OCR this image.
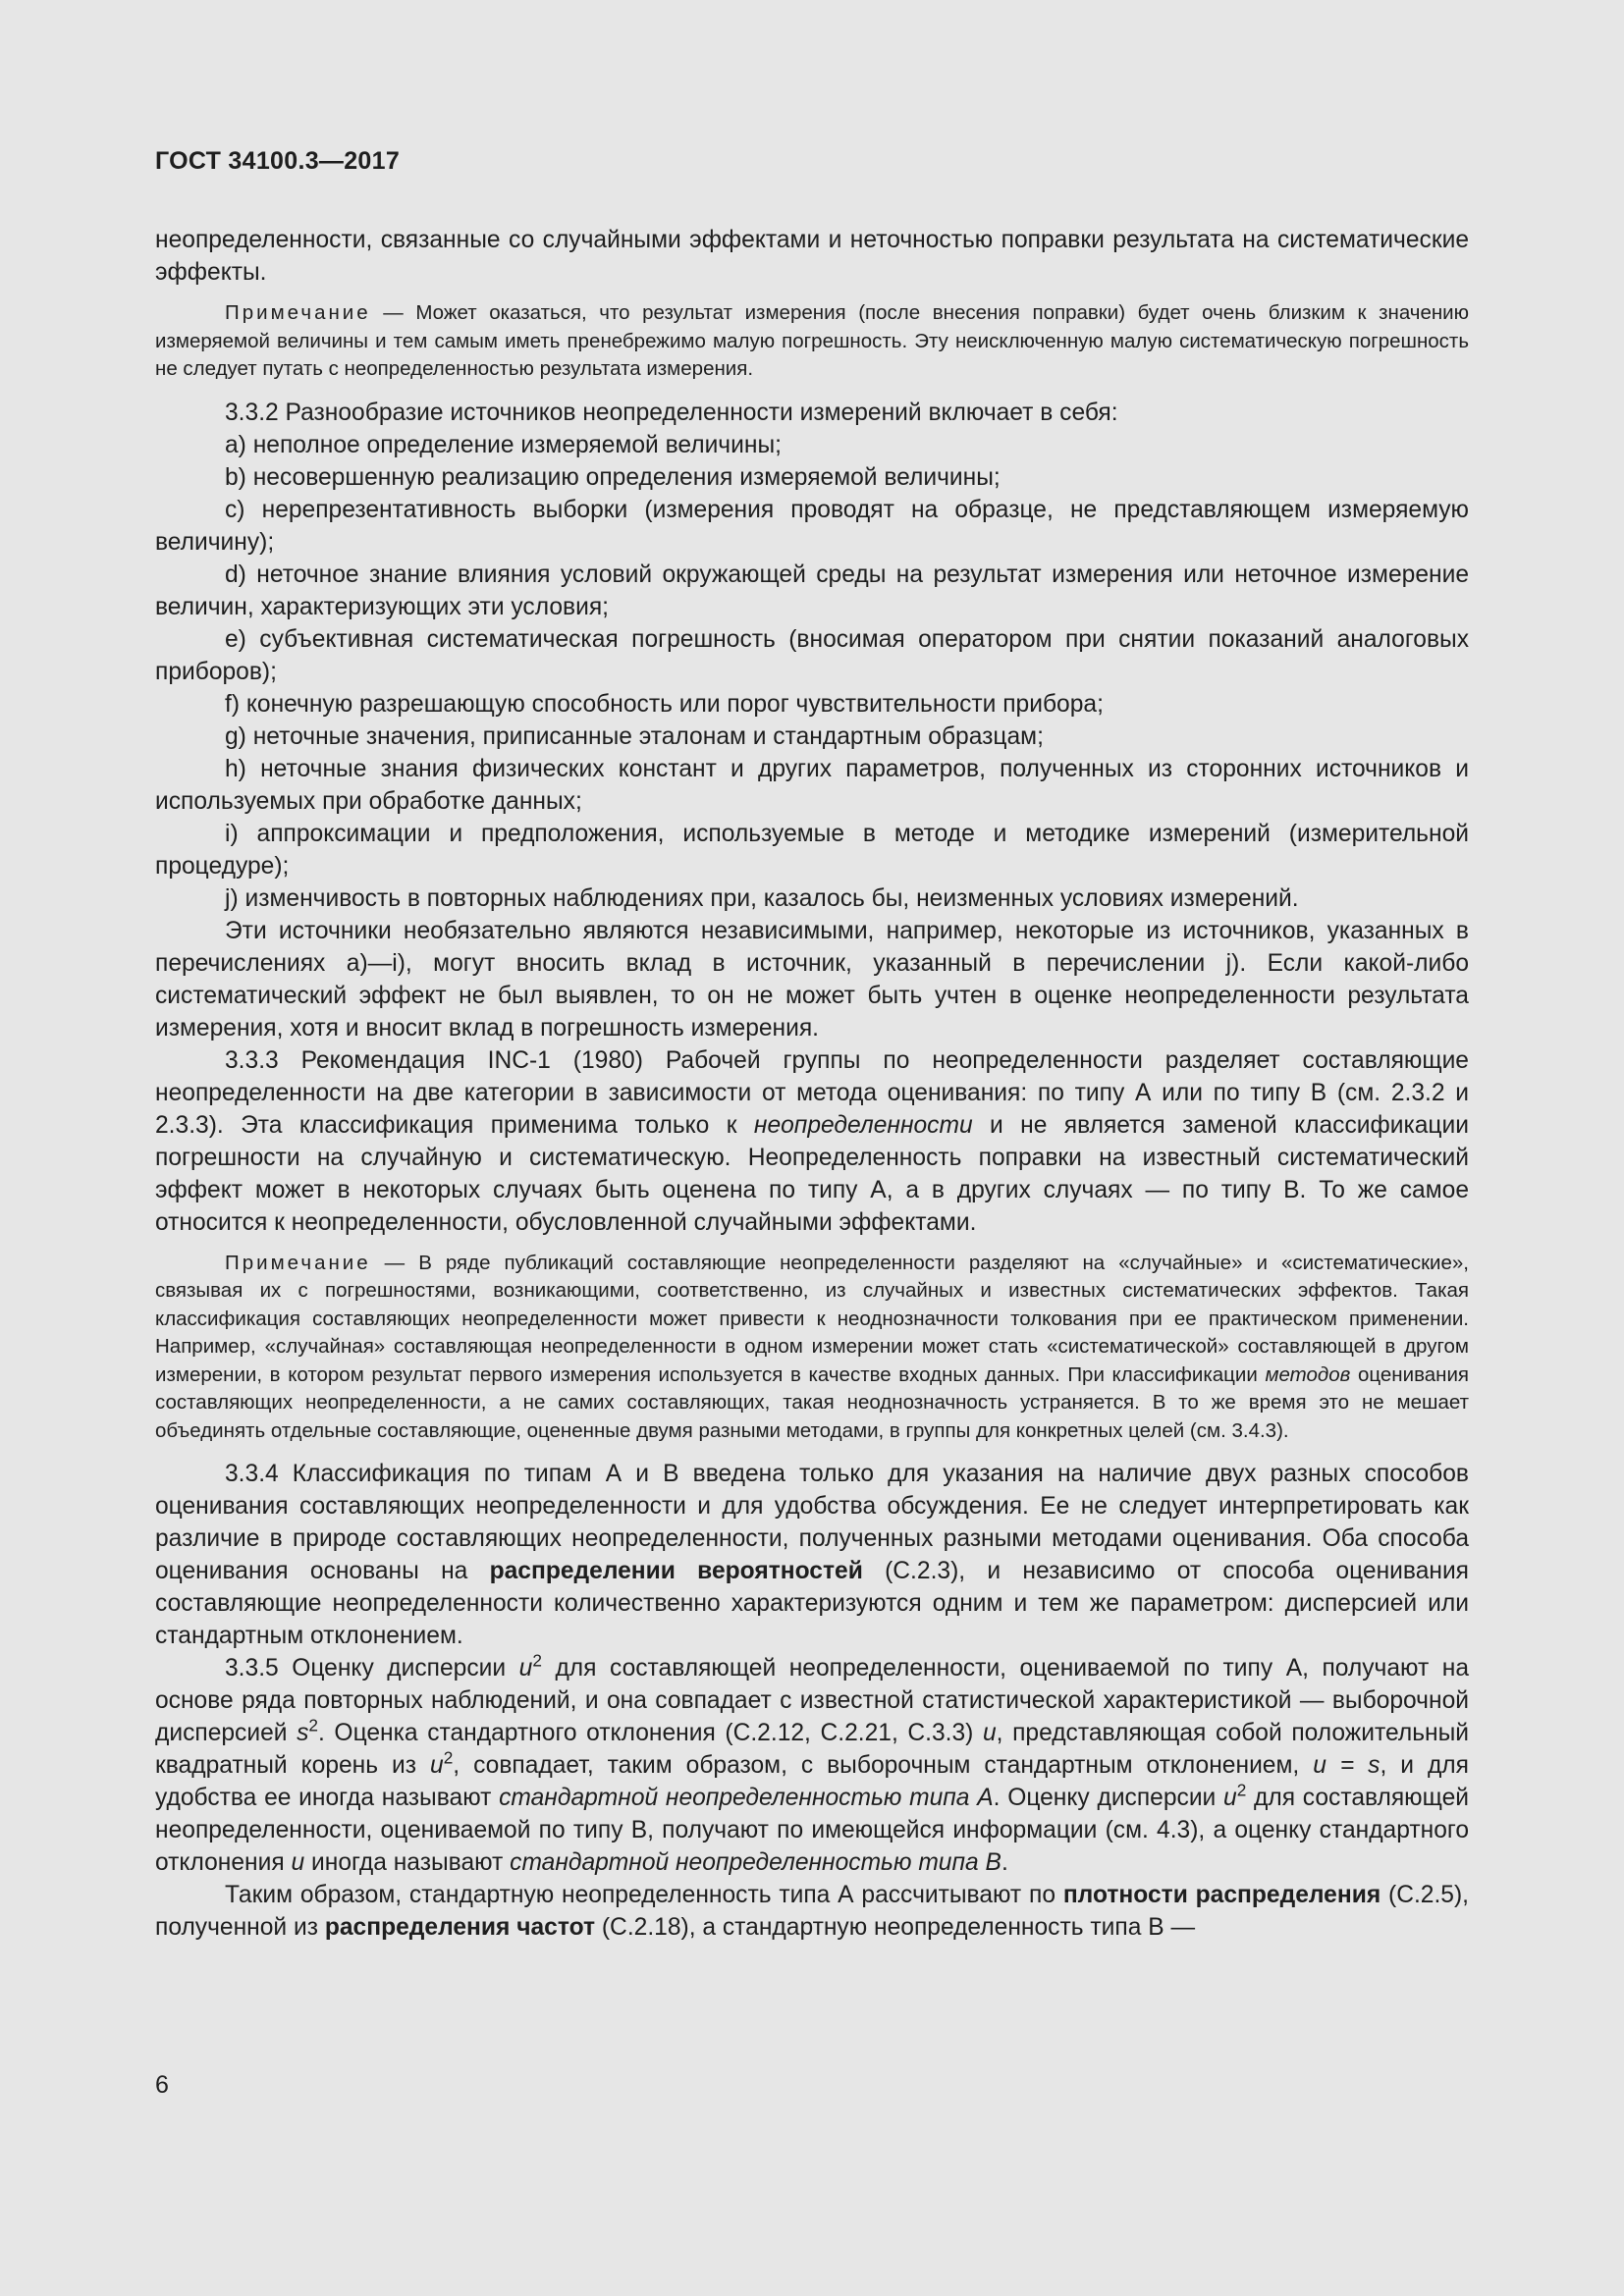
ГОСТ 34100.3—2017

неопределенности, связанные со случайными эффектами и неточностью поправки результата на систематические эффекты.

Примечание — Может оказаться, что результат измерения (после внесения поправки) будет очень близким к значению измеряемой величины и тем самым иметь пренебрежимо малую погрешность. Эту неисключенную малую систематическую погрешность не следует путать с неопределенностью результата измерения.

3.3.2 Разнообразие источников неопределенности измерений включает в себя:

a) неполное определение измеряемой величины;

b) несовершенную реализацию определения измеряемой величины;

c) нерепрезентативность выборки (измерения проводят на образце, не представляющем измеряемую величину);

d) неточное знание влияния условий окружающей среды на результат измерения или неточное измерение величин, характеризующих эти условия;

e) субъективная систематическая погрешность (вносимая оператором при снятии показаний аналоговых приборов);

f) конечную разрешающую способность или порог чувствительности прибора;

g) неточные значения, приписанные эталонам и стандартным образцам;

h) неточные знания физических констант и других параметров, полученных из сторонних источников и используемых при обработке данных;

i) аппроксимации и предположения, используемые в методе и методике измерений (измерительной процедуре);

j) изменчивость в повторных наблюдениях при, казалось бы, неизменных условиях измерений.

Эти источники необязательно являются независимыми, например, некоторые из источников, указанных в перечислениях a)—i), могут вносить вклад в источник, указанный в перечислении j). Если какой-либо систематический эффект не был выявлен, то он не может быть учтен в оценке неопределенности результата измерения, хотя и вносит вклад в погрешность измерения.

3.3.3 Рекомендация INC-1 (1980) Рабочей группы по неопределенности разделяет составляющие неопределенности на две категории в зависимости от метода оценивания: по типу А или по типу В (см. 2.3.2 и 2.3.3). Эта классификация применима только к неопределенности и не является заменой классификации погрешности на случайную и систематическую. Неопределенность поправки на известный систематический эффект может в некоторых случаях быть оценена по типу А, а в других случаях — по типу В. То же самое относится к неопределенности, обусловленной случайными эффектами.

Примечание — В ряде публикаций составляющие неопределенности разделяют на «случайные» и «систематические», связывая их с погрешностями, возникающими, соответственно, из случайных и известных систематических эффектов. Такая классификация составляющих неопределенности может привести к неоднозначности толкования при ее практическом применении. Например, «случайная» составляющая неопределенности в одном измерении может стать «систематической» составляющей в другом измерении, в котором результат первого измерения используется в качестве входных данных. При классификации методов оценивания составляющих неопределенности, а не самих составляющих, такая неоднозначность устраняется. В то же время это не мешает объединять отдельные составляющие, оцененные двумя разными методами, в группы для конкретных целей (см. 3.4.3).

3.3.4 Классификация по типам А и В введена только для указания на наличие двух разных способов оценивания составляющих неопределенности и для удобства обсуждения. Ее не следует интерпретировать как различие в природе составляющих неопределенности, полученных разными методами оценивания. Оба способа оценивания основаны на распределении вероятностей (С.2.3), и независимо от способа оценивания составляющие неопределенности количественно характеризуются одним и тем же параметром: дисперсией или стандартным отклонением.

3.3.5 Оценку дисперсии $u^2$ для составляющей неопределенности, оцениваемой по типу А, получают на основе ряда повторных наблюдений, и она совпадает с известной статистической характеристикой — выборочной дисперсией $s^2$. Оценка стандартного отклонения (С.2.12, С.2.21, С.3.3) u, представляющая собой положительный квадратный корень из $u^2$, совпадает, таким образом, с выборочным стандартным отклонением, u = s, и для удобства ее иногда называют стандартной неопределенностью типа А. Оценку дисперсии $u^2$ для составляющей неопределенности, оцениваемой по типу В, получают по имеющейся информации (см. 4.3), а оценку стандартного отклонения u иногда называют стандартной неопределенностью типа В.

Таким образом, стандартную неопределенность типа А рассчитывают по плотности распределения (С.2.5), полученной из распределения частот (С.2.18), а стандартную неопределенность типа В —

6
